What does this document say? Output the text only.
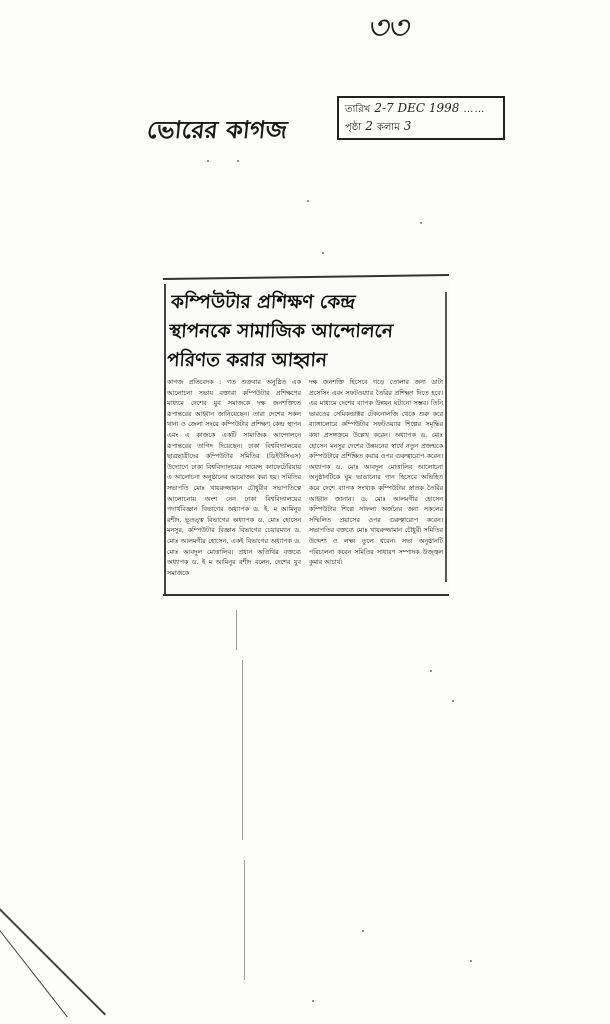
৩৩
ভোরের কাগজ
তারিখ 2-7 DEC 1998 ……
পৃষ্ঠা 2 কলাম 3
কম্পিউটার প্রশিক্ষণ কেন্দ্র
স্থাপনকে সামাজিক আন্দোলনে
পরিণত করার আহ্বান

কাগজ প্রতিবেদক : গত শুক্রবার অনুষ্ঠিত এক আলোচনা সভায় বক্তারা কম্পিউটার প্রশিক্ষণের মাধ্যমে দেশের যুব সমাজকে দক্ষ জনশক্তিতে রূপান্তরের আহ্বান জানিয়েছেন। তারা দেশের সকল থানা ও জেলা সদরে কম্পিউটার প্রশিক্ষণ কেন্দ্র স্থাপন এবং এ কাজকে একটি সামাজিক আন্দোলনে রূপান্তরের তাগিদ দিয়েছেন। ঢাকা বিশ্ববিদ্যালয়ের ছাত্রছাত্রীদের কম্পিউটার সমিতির (ডিইউসিএস) উদ্যোগে ঢাকা বিশ্ববিদ্যালয়ের সায়েন্স ক্যাফেটেরিয়ায় এ আলোচনা অনুষ্ঠানের আয়োজন করা হয়। সমিতির সভাপতি মোঃ খায়রুজ্জামান চৌধুরীর সভাপতিত্বে আলোচনায় অংশ নেন ঢাকা বিশ্ববিদ্যালয়ের পদার্থবিজ্ঞান বিভাগের অধ্যাপক ড. ই. ম আমিনুর রশীদ, ভূতত্ত্ব বিভাগের অধ্যাপক ড. মোঃ হোসেন মনসুর, কম্পিউটার বিজ্ঞান বিভাগের চেয়ারম্যান ড. মোঃ আলমগীর হোসেন, একই বিভাগের অধ্যাপক ড. মোঃ আবদুল মোত্তালিব। প্রধান অতিথির বক্তব্যে অধ্যাপক ড. ই ম আমিনুর রশীদ বলেন, দেশের যুব সমাজকে

দক্ষ জনশক্তি হিসেবে গড়ে তোলার জন্য ডাটা প্রসেসিং এবং সফটওয়্যার তৈরির প্রশিক্ষণ দিতে হবে। এর মাধ্যমে দেশের ব্যাপক উন্নয়ন ঘটানো সম্ভব। তিনি ভারতের সেমিকন্ডাক্টর টেকনোলজি থেকে শুরু করে ব্যাঙ্গালোরে কম্পিউটার সফটওয়্যার শিল্পের সমৃদ্ধির কথা প্রসঙ্গক্রমে উল্লেখ করেন। অধ্যাপক ড. মোঃ হোসেন মনসুর দেশের উন্নয়নের স্বার্থে নতুন প্রজন্মকে কম্পিউটারে প্রশিক্ষিত করার ওপর গুরুত্বারোপ করেন। অধ্যাপক ড. মোঃ আবদুল মোত্তালিব আলোচনা অনুষ্ঠানটিকে ঘুম ভাঙানোর গান হিসেবে অভিহিত করে দেশে ব্যাপক সংখ্যক কম্পিউটার স্নাতক তৈরির আহ্বান জানান। ড. মোঃ আলমগীর হোসেন কম্পিউটার শিল্পে সাফল্য অর্জনের জন্য সকলের সম্মিলিত প্রয়াসের ওপর গুরুত্বারোপ করেন। সভাপতির বক্তব্যে মোঃ খায়রুজ্জামান চৌধুরী সমিতির উদ্দেশ্য ও লক্ষ্য তুলে ধরেন। সভা অনুষ্ঠানটি পরিচালনা করেন সমিতির সাধারণ সম্পাদক উজ্জ্বল কুমার আচার্য।
